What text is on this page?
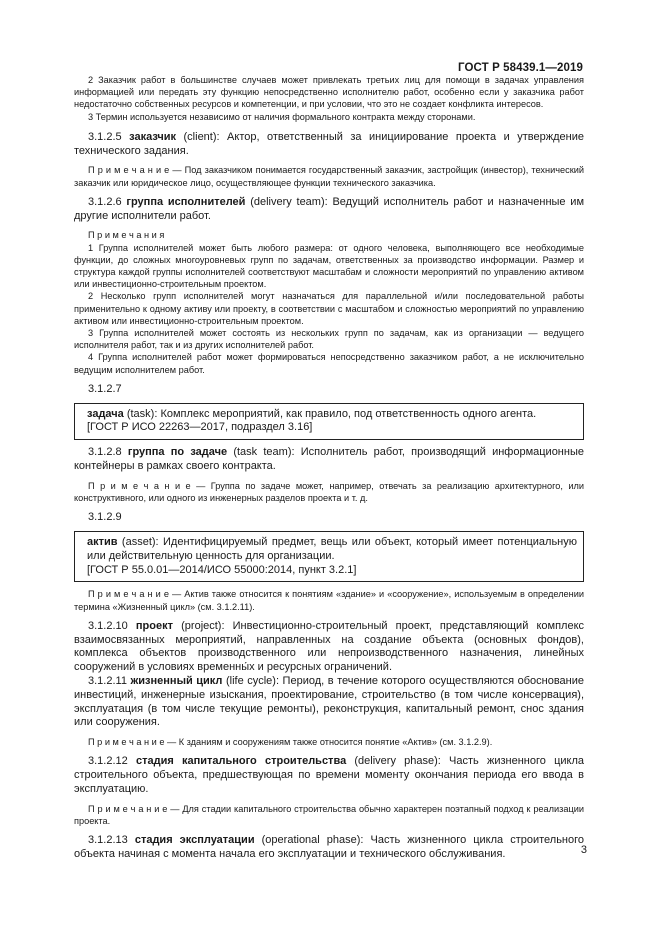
ГОСТ Р 58439.1—2019

2 Заказчик работ в большинстве случаев может привлекать третьих лиц для помощи в задачах управления информацией или передать эту функцию непосредственно исполнителю работ, особенно если у заказчика работ недостаточно собственных ресурсов и компетенции, и при условии, что это не создает конфликта интересов.

3 Термин используется независимо от наличия формального контракта между сторонами.

3.1.2.5 заказчик (client): Актор, ответственный за инициирование проекта и утверждение технического задания.

П р и м е ч а н и е — Под заказчиком понимается государственный заказчик, застройщик (инвестор), технический заказчик или юридическое лицо, осуществляющее функции технического заказчика.

3.1.2.6 группа исполнителей (delivery team): Ведущий исполнитель работ и назначенные им другие исполнители работ.

П р и м е ч а н и я

1 Группа исполнителей может быть любого размера: от одного человека, выполняющего все необходимые функции, до сложных многоуровневых групп по задачам, ответственных за производство информации. Размер и структура каждой группы исполнителей соответствуют масштабам и сложности мероприятий по управлению активом или инвестиционно-строительным проектом.

2 Несколько групп исполнителей могут назначаться для параллельной и/или последовательной работы применительно к одному активу или проекту, в соответствии с масштабом и сложностью мероприятий по управлению активом или инвестиционно-строительным проектом.

3 Группа исполнителей может состоять из нескольких групп по задачам, как из организации — ведущего исполнителя работ, так и из других исполнителей работ.

4 Группа исполнителей работ может формироваться непосредственно заказчиком работ, а не исключительно ведущим исполнителем работ.

3.1.2.7

задача (task): Комплекс мероприятий, как правило, под ответственность одного агента.
[ГОСТ Р ИСО 22263—2017, подраздел 3.16]

3.1.2.8 группа по задаче (task team): Исполнитель работ, производящий информационные контейнеры в рамках своего контракта.

П р и м е ч а н и е — Группа по задаче может, например, отвечать за реализацию архитектурного, или конструктивного, или одного из инженерных разделов проекта и т. д.

3.1.2.9

актив (asset): Идентифицируемый предмет, вещь или объект, который имеет потенциальную или действительную ценность для организации.
[ГОСТ Р 55.0.01—2014/ИСО 55000:2014, пункт 3.2.1]

П р и м е ч а н и е — Актив также относится к понятиям «здание» и «сооружение», используемым в определении термина «Жизненный цикл» (см. 3.1.2.11).

3.1.2.10 проект (project): Инвестиционно-строительный проект, представляющий комплекс взаимосвязанных мероприятий, направленных на создание объекта (основных фондов), комплекса объектов производственного или непроизводственного назначения, линейных сооружений в условиях временны́х и ресурсных ограничений.

3.1.2.11 жизненный цикл (life cycle): Период, в течение которого осуществляются обоснование инвестиций, инженерные изыскания, проектирование, строительство (в том числе консервация), эксплуатация (в том числе текущие ремонты), реконструкция, капитальный ремонт, снос здания или сооружения.

П р и м е ч а н и е — К зданиям и сооружениям также относится понятие «Актив» (см. 3.1.2.9).

3.1.2.12 стадия капитального строительства (delivery phase): Часть жизненного цикла строительного объекта, предшествующая по времени моменту окончания периода его ввода в эксплуатацию.

П р и м е ч а н и е — Для стадии капитального строительства обычно характерен поэтапный подход к реализации проекта.

3.1.2.13 стадия эксплуатации (operational phase): Часть жизненного цикла строительного объекта начиная с момента начала его эксплуатации и технического обслуживания.	3
